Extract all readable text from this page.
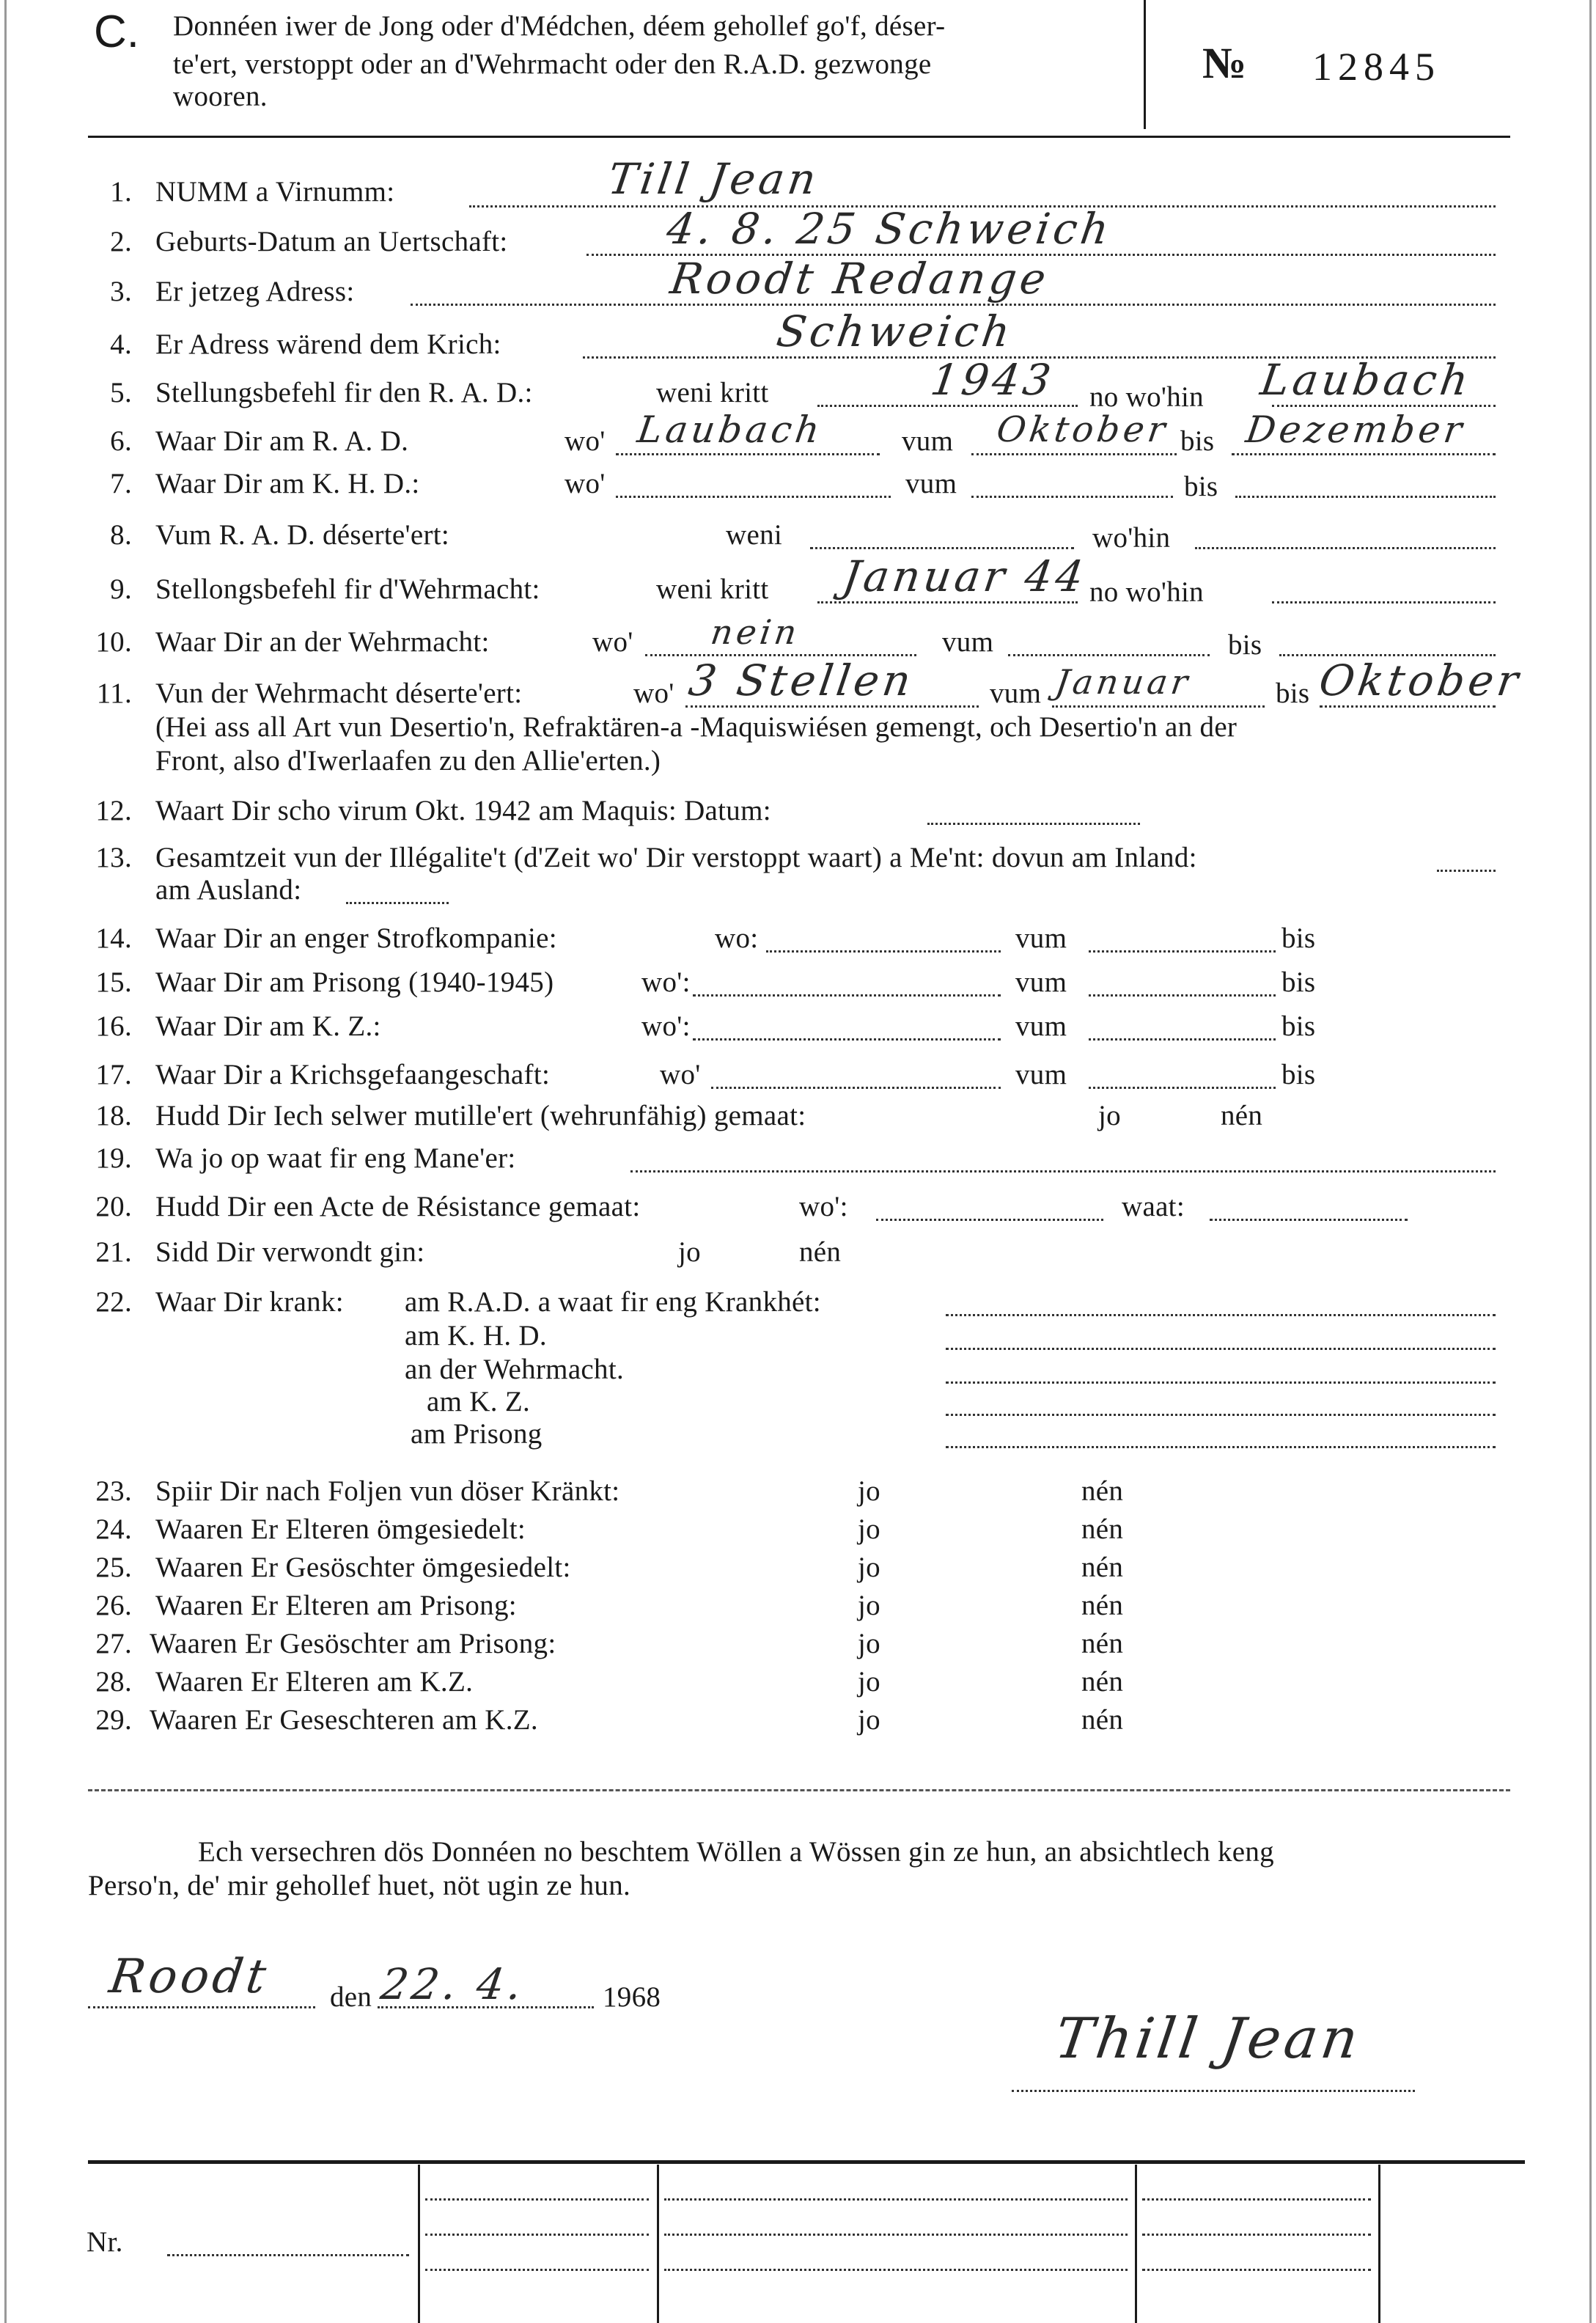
C. Donnéen iwer de Jong oder d'Médchen, déem gehollef go'f, déser-
te'ert, verstoppt oder an d'Wehrmacht oder den R.A.D. gezwonge
wooren.
№ 12845
1. NUMM a Virnumm:	Till Jean
2. Geburts-Datum an Uertschaft:	4. 8. 25 Schweich
3. Er jetzeg Adress:	Roodt Redange
4. Er Adress wärend dem Krich:	Schweich
5. Stellungsbefehl fir den R. A. D.:	weni kritt	1943 no wo'hin Laubach
6. Waar Dir am R. A. D.	wo' Laubach	vum Oktober bis Dezember
7. Waar Dir am K. H. D.:	wo'	vum	bis
8. Vum R. A. D. déserte'ert:	weni	wo'hin
9. Stellongsbefehl fir d'Wehrmacht:	weni kritt Januar 44 no wo'hin
10. Waar Dir an der Wehrmacht:	wo' nein	vum	bis
11. Vun der Wehrmacht déserte'ert:	wo' 3 Stellen	vum Januar	bis Oktober
(Hei ass all Art vun Desertio'n, Refraktären-a -Maquiswiésen gemengt, och Desertio'n an der
Front, also d'Iwerlaafen zu den Allie'erten.)
12. Waart Dir scho virum Okt. 1942 am Maquis: Datum:
13. Gesamtzeit vun der Illégalite't (d'Zeit wo' Dir verstoppt waart) a Me'nt: dovun am Inland:
am Ausland:
14. Waar Dir an enger Strofkompanie:	wo:	vum	bis
15. Waar Dir am Prisong (1940-1945)	wo':	vum	bis
16. Waar Dir am K. Z.:	wo':	vum	bis
17. Waar Dir a Krichsgefaangeschaft:	wo'	vum	bis
18. Hudd Dir Iech selwer mutille'ert (wehrunfähig) gemaat:	jo	nén
19. Wa jo op waat fir eng Mane'er:
20. Hudd Dir een Acte de Résistance gemaat:	wo':	waat:
21. Sidd Dir verwondt gin:	jo	nén
22. Waar Dir krank: am R.A.D. a waat fir eng Krankhét:
am K. H. D.
an der Wehrmacht.
am K. Z.
am Prisong
23. Spiir Dir nach Foljen vun döser Kränkt:	jo	nén
24. Waaren Er Elteren ömgesiedelt:	jo	nén
25. Waaren Er Gesöschter ömgesiedelt:	jo	nén
26. Waaren Er Elteren am Prisong:	jo	nén
27. Waaren Er Gesöschter am Prisong:	jo	nén
28. Waaren Er Elteren am K.Z.	jo	nén
29. Waaren Er Geseschteren am K.Z.	jo	nén
Ech versechren dös Donnéen no beschtem Wöllen a Wössen gin ze hun, an absichtlech keng
Perso'n, de' mir gehollef huet, nöt ugin ze hun.
Roodt den 22. 4.	1968
Thill Jean
Nr.
